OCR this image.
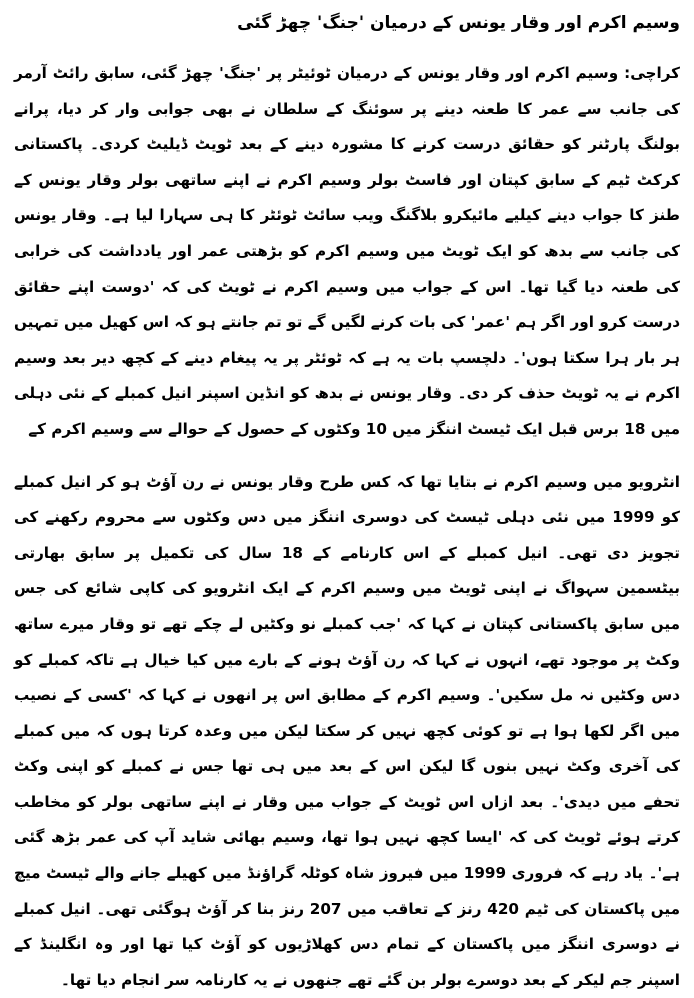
وسیم اکرم اور وقار یونس کے درمیان 'جنگ' چھڑ گئی

کراچی: وسیم اکرم اور وقار یونس کے درمیان ٹوئیٹر پر 'جنگ' چھڑ گئی، سابق رائٹ آرمر کی جانب سے عمر کا طعنہ دینے پر سوئنگ کے سلطان نے بھی جوابی وار کر دیا، پرانے بولنگ پارٹنر کو حقائق درست کرنے کا مشورہ دینے کے بعد ٹویٹ ڈیلیٹ کردی۔ پاکستانی کرکٹ ٹیم کے سابق کپتان اور فاسٹ بولر وسیم اکرم نے اپنے ساتھی بولر وقار یونس کے طنز کا جواب دینے کیلیے مائیکرو بلاگنگ ویب سائٹ ٹوئٹر کا ہی سہارا لیا ہے۔ وقار یونس کی جانب سے بدھ کو ایک ٹویٹ میں وسیم اکرم کو بڑھتی عمر اور یادداشت کی خرابی کی طعنہ دیا گیا تھا۔ اس کے جواب میں وسیم اکرم نے ٹویٹ کی کہ 'دوست اپنے حقائق درست کرو اور اگر ہم 'عمر' کی بات کرنے لگیں گے تو تم جانتے ہو کہ اس کھیل میں تمہیں ہر بار ہرا سکتا ہوں'۔ دلچسپ بات یہ ہے کہ ٹوئٹر پر یہ پیغام دینے کے کچھ دیر بعد وسیم اکرم نے یہ ٹویٹ حذف کر دی۔ وقار یونس نے بدھ کو انڈین اسپنر انیل کمبلے کے نئی دہلی میں 18 برس قبل ایک ٹیسٹ اننگز میں 10 وکٹوں کے حصول کے حوالے سے وسیم اکرم کے

انٹرویو میں وسیم اکرم نے بتایا تھا کہ کس طرح وقار یونس نے رن آؤٹ ہو کر انیل کمبلے کو 1999 میں نئی دہلی ٹیسٹ کی دوسری اننگز میں دس وکٹوں سے محروم رکھنے کی تجویز دی تھی۔ انیل کمبلے کے اس کارنامے کے 18 سال کی تکمیل پر سابق بھارتی بیٹسمین سہواگ نے اپنی ٹویٹ میں وسیم اکرم کے ایک انٹرویو کی کاپی شائع کی جس میں سابق پاکستانی کپتان نے کہا کہ 'جب کمبلے نو وکٹیں لے چکے تھے تو وقار میرے ساتھ وکٹ پر موجود تھے، انہوں نے کہا کہ رن آؤٹ ہونے کے بارے میں کیا خیال ہے تاکہ کمبلے کو دس وکٹیں نہ مل سکیں'۔ وسیم اکرم کے مطابق اس پر انھوں نے کہا کہ 'کسی کے نصیب میں اگر لکھا ہوا ہے تو کوئی کچھ نہیں کر سکتا لیکن میں وعدہ کرتا ہوں کہ میں کمبلے کی آخری وکٹ نہیں بنوں گا لیکن اس کے بعد میں ہی تھا جس نے کمبلے کو اپنی وکٹ تحفے میں دیدی'۔ بعد ازاں اس ٹویٹ کے جواب میں وقار نے اپنے ساتھی بولر کو مخاطب کرتے ہوئے ٹویٹ کی کہ 'ایسا کچھ نہیں ہوا تھا، وسیم بھائی شاید آپ کی عمر بڑھ گئی ہے'۔ یاد رہے کہ فروری 1999 میں فیروز شاہ کوٹلہ گراؤنڈ میں کھیلے جانے والے ٹیسٹ میچ میں پاکستان کی ٹیم 420 رنز کے تعاقب میں 207 رنز بنا کر آؤٹ ہوگئی تھی۔ انیل کمبلے نے دوسری اننگز میں پاکستان کے تمام دس کھلاڑیوں کو آؤٹ کیا تھا اور وہ انگلینڈ کے اسپنر جم لیکر کے بعد دوسرے بولر بن گئے تھے جنھوں نے یہ کارنامہ سر انجام دیا تھا۔
